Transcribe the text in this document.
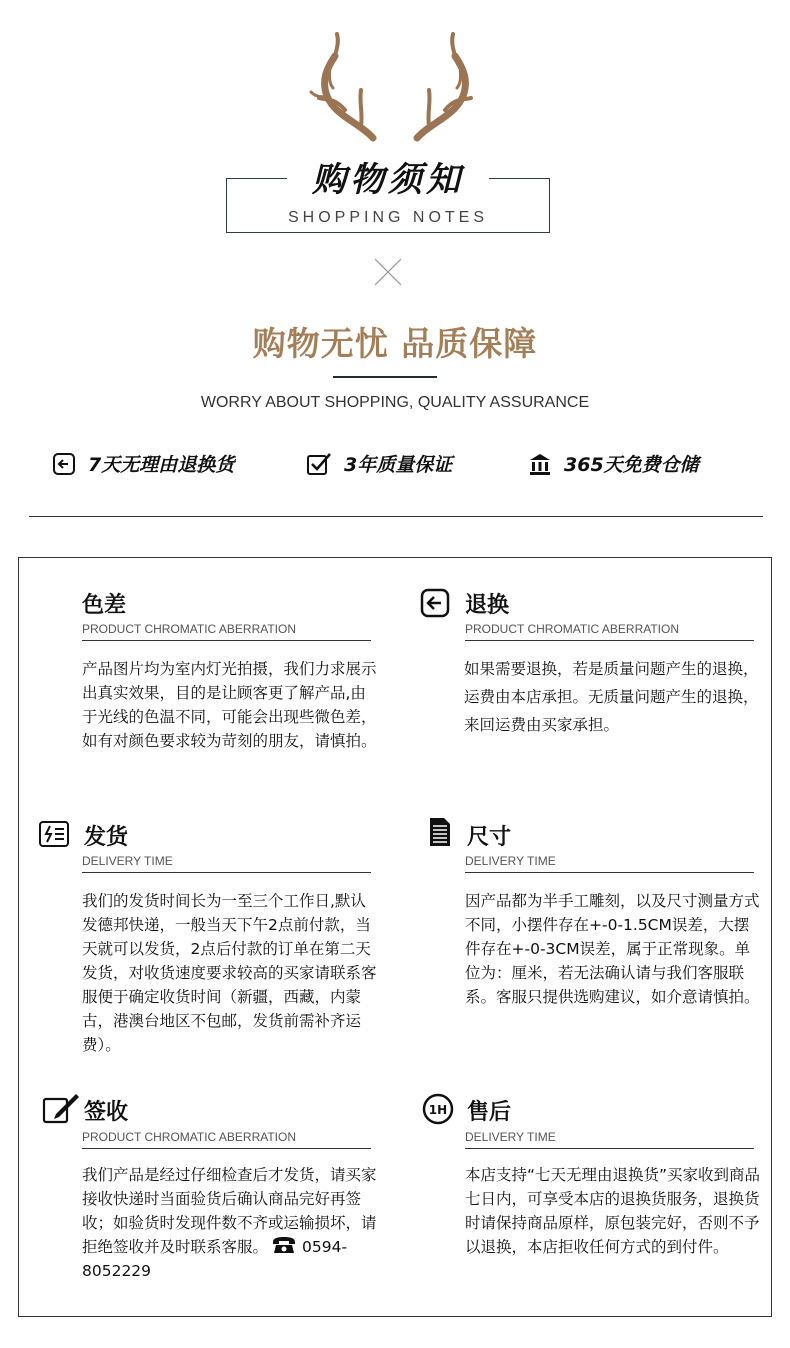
购物须知
SHOPPING NOTES
购物无忧 品质保障
WORRY ABOUT SHOPPING, QUALITY ASSURANCE
7天无理由退换货	3年质量保证	365天免费仓储
色差
PRODUCT CHROMATIC ABERRATION
产品图片均为室内灯光拍摄，我们力求展示出真实效果，目的是让顾客更了解产品,由于光线的色温不同，可能会出现些微色差，如有对颜色要求较为苛刻的朋友，请慎拍。
退换
PRODUCT CHROMATIC ABERRATION
如果需要退换，若是质量问题产生的退换，运费由本店承担。无质量问题产生的退换，来回运费由买家承担。
发货
DELIVERY TIME
我们的发货时间长为一至三个工作日,默认发德邦快递，一般当天下午2点前付款，当天就可以发货，2点后付款的订单在第二天发货，对收货速度要求较高的买家请联系客服便于确定收货时间（新疆，西藏，内蒙古，港澳台地区不包邮，发货前需补齐运费）。
尺寸
DELIVERY TIME
因产品都为半手工雕刻，以及尺寸测量方式不同，小摆件存在+-0-1.5CM误差，大摆件存在+-0-3CM误差，属于正常现象。单位为：厘米，若无法确认请与我们客服联系。客服只提供选购建议，如介意请慎拍。
签收
PRODUCT CHROMATIC ABERRATION
我们产品是经过仔细检查后才发货，请买家接收快递时当面验货后确认商品完好再签收；如验货时发现件数不齐或运输损坏，请拒绝签收并及时联系客服。 0594-8052229
1H 售后
DELIVERY TIME
本店支持“七天无理由退换货”买家收到商品七日内，可享受本店的退换货服务，退换货时请保持商品原样，原包装完好，否则不予以退换，本店拒收任何方式的到付件。
